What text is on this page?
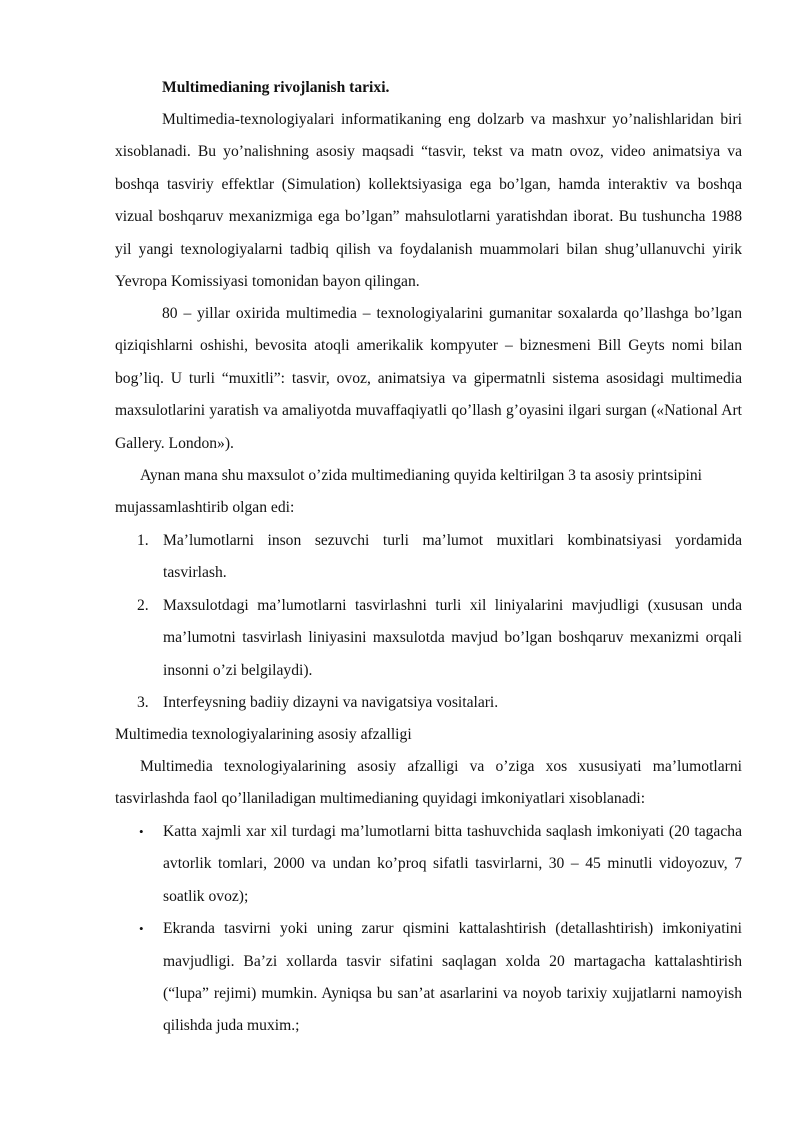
Multimedianing rivojlanish tarixi.
Multimedia-texnologiyalari informatikaning eng dolzarb va mashxur yo’nalishlaridan biri xisoblanadi. Bu yo’nalishning asosiy maqsadi “tasvir, tekst va matn ovoz, video animatsiya va boshqa tasviriy effektlar (Simulation) kollektsiyasiga ega bo’lgan, hamda interaktiv va boshqa vizual boshqaruv mexanizmiga ega bo’lgan” mahsulotlarni yaratishdan iborat. Bu tushuncha 1988 yil yangi texnologiyalarni tadbiq qilish va foydalanish muammolari bilan shug’ullanuvchi yirik Yevropa Komissiyasi tomonidan bayon qilingan.
80 – yillar oxirida multimedia – texnologiyalarini gumanitar soxalarda qo’llashga bo’lgan qiziqishlarni oshishi, bevosita atoqli amerikalik kompyuter – biznesmeni Bill Geyts nomi bilan bog’liq. U turli “muxitli”: tasvir, ovoz, animatsiya va gipermatnli sistema asosidagi multimedia maxsulotlarini yaratish va amaliyotda muvaffaqiyatli qo’llash g’oyasini ilgari surgan («National Art Gallery. London»).
Aynan mana shu maxsulot o’zida multimedianing quyida keltirilgan 3 ta asosiy printsipini mujassamlashtirib olgan edi:
1. Ma’lumotlarni inson sezuvchi turli ma’lumot muxitlari kombinatsiyasi yordamida tasvirlash.
2. Maxsulotdagi ma’lumotlarni tasvirlashni turli xil liniyalarini mavjudligi (xususan unda ma’lumotni tasvirlash liniyasini maxsulotda mavjud bo’lgan boshqaruv mexanizmi orqali insonni o’zi belgilaydi).
3. Interfeysning badiiy dizayni va navigatsiya vositalari.
Multimedia texnologiyalarining asosiy afzalligi
Multimedia texnologiyalarining asosiy afzalligi va o’ziga xos xususiyati ma’lumotlarni tasvirlashda faol qo’llaniladigan multimedianing quyidagi imkoniyatlari xisoblanadi:
• Katta xajmli xar xil turdagi ma’lumotlarni bitta tashuvchida saqlash imkoniyati (20 tagacha avtorlik tomlari, 2000 va undan ko’proq sifatli tasvirlarni, 30 – 45 minutli vidoyozuv, 7 soatlik ovoz);
• Ekranda tasvirni yoki uning zarur qismini kattalashtirish (detallashtirish) imkoniyatini mavjudligi. Ba’zi xollarda tasvir sifatini saqlagan xolda 20 martagacha kattalashtirish (“lupa” rejimi) mumkin. Ayniqsa bu san’at asarlarini va noyob tarixiy xujjatlarni namoyish qilishda juda muxim.;
